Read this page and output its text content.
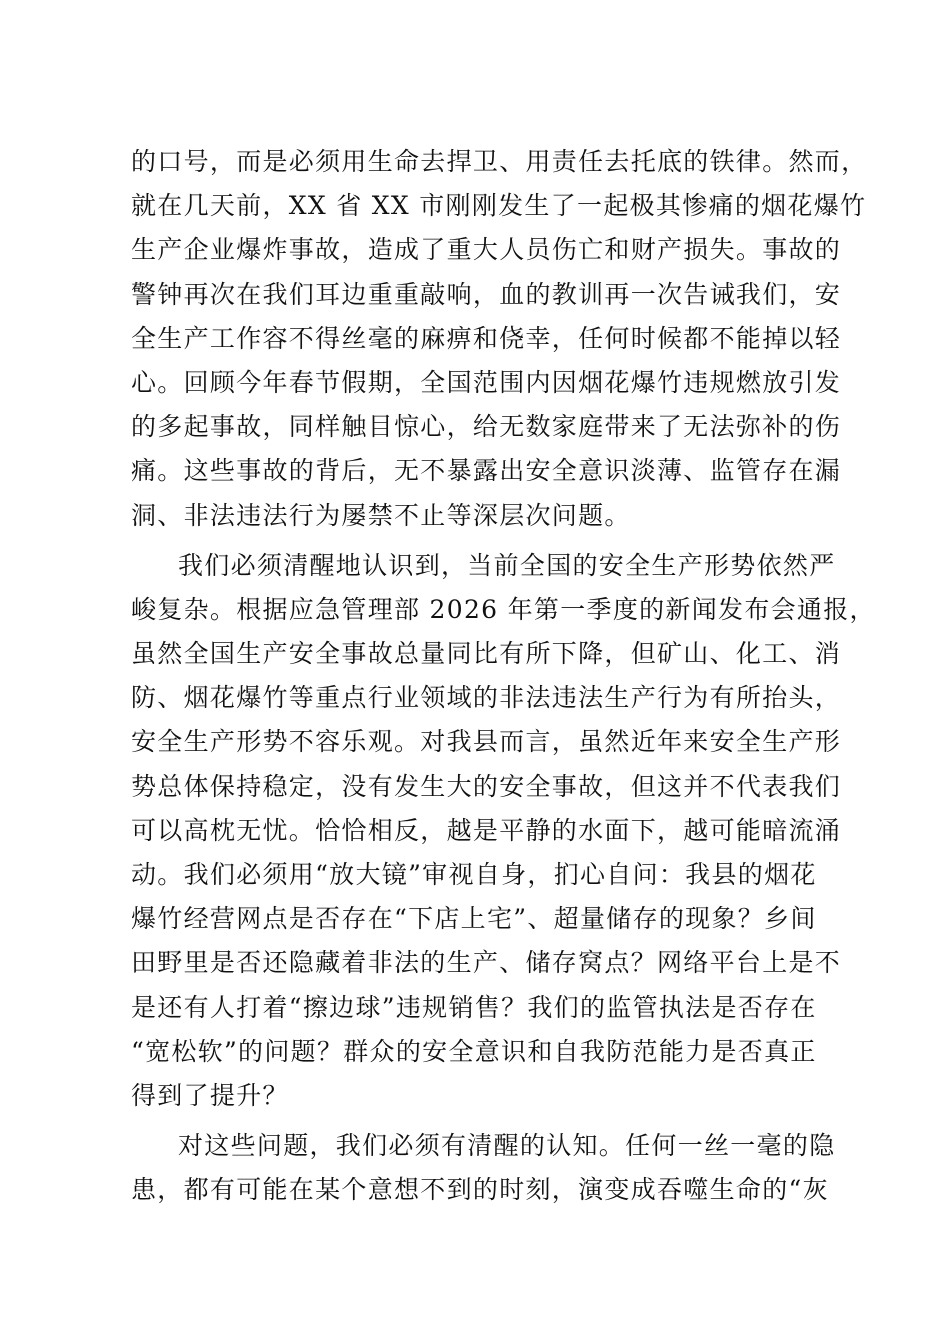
的口号，而是必须用生命去捍卫、用责任去托底的铁律。然而，
就在几天前，XX 省 XX 市刚刚发生了一起极其惨痛的烟花爆竹
生产企业爆炸事故，造成了重大人员伤亡和财产损失。事故的
警钟再次在我们耳边重重敲响，血的教训再一次告诫我们，安
全生产工作容不得丝毫的麻痹和侥幸，任何时候都不能掉以轻
心。回顾今年春节假期，全国范围内因烟花爆竹违规燃放引发
的多起事故，同样触目惊心，给无数家庭带来了无法弥补的伤
痛。这些事故的背后，无不暴露出安全意识淡薄、监管存在漏
洞、非法违法行为屡禁不止等深层次问题。
我们必须清醒地认识到，当前全国的安全生产形势依然严
峻复杂。根据应急管理部 2026 年第一季度的新闻发布会通报，
虽然全国生产安全事故总量同比有所下降，但矿山、化工、消
防、烟花爆竹等重点行业领域的非法违法生产行为有所抬头，
安全生产形势不容乐观。对我县而言，虽然近年来安全生产形
势总体保持稳定，没有发生大的安全事故，但这并不代表我们
可以高枕无忧。恰恰相反，越是平静的水面下，越可能暗流涌
动。我们必须用“放大镜”审视自身，扪心自问：我县的烟花
爆竹经营网点是否存在“下店上宅”、超量储存的现象？乡间
田野里是否还隐藏着非法的生产、储存窝点？网络平台上是不
是还有人打着“擦边球”违规销售？我们的监管执法是否存在
“宽松软”的问题？群众的安全意识和自我防范能力是否真正
得到了提升？
对这些问题，我们必须有清醒的认知。任何一丝一毫的隐
患，都有可能在某个意想不到的时刻，演变成吞噬生命的“灰
